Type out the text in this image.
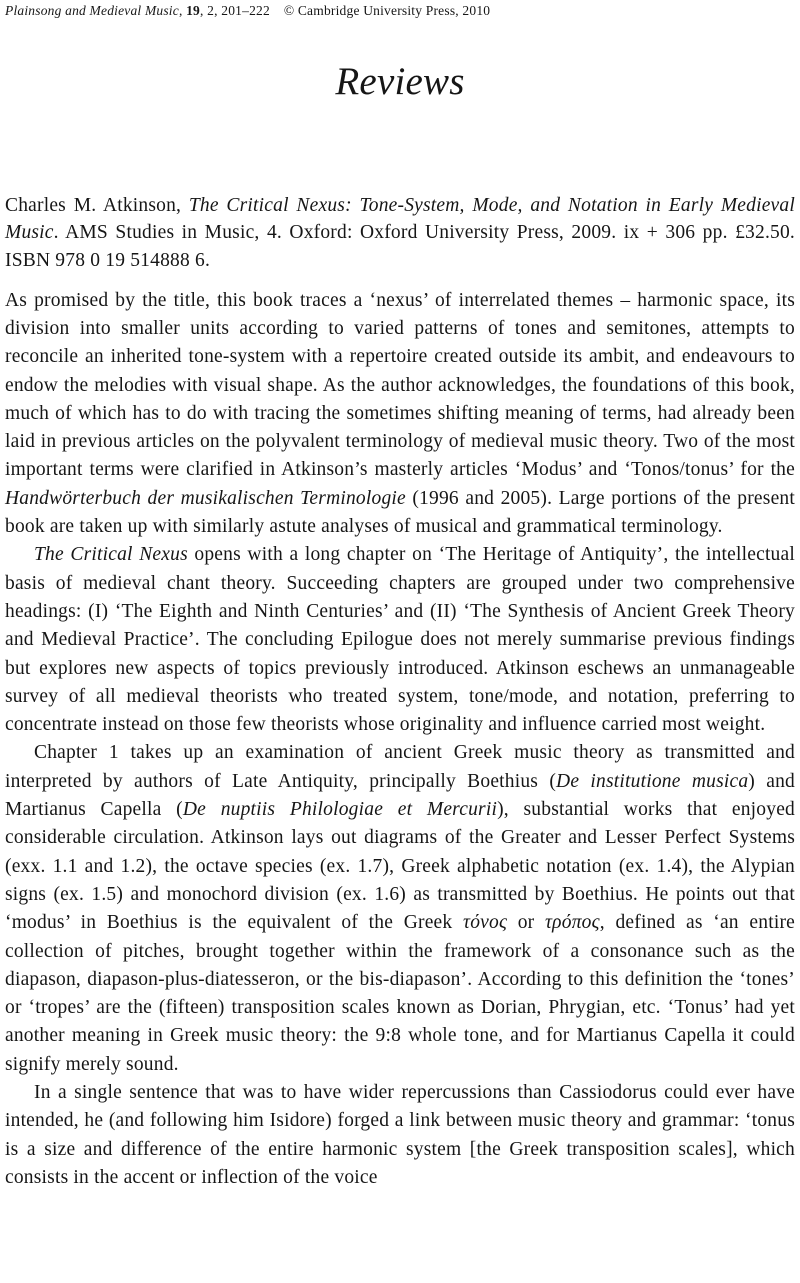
Plainsong and Medieval Music, 19, 2, 201–222  © Cambridge University Press, 2010
Reviews

Charles M. Atkinson, The Critical Nexus: Tone-System, Mode, and Notation in Early Medieval Music. AMS Studies in Music, 4. Oxford: Oxford University Press, 2009. ix + 306 pp. £32.50. ISBN 978 0 19 514888 6.

As promised by the title, this book traces a ‘nexus’ of interrelated themes – harmonic space, its division into smaller units according to varied patterns of tones and semitones, attempts to reconcile an inherited tone-system with a repertoire created outside its ambit, and endeavours to endow the melodies with visual shape. As the author acknowledges, the foundations of this book, much of which has to do with tracing the sometimes shifting meaning of terms, had already been laid in previous articles on the polyvalent terminology of medieval music theory. Two of the most important terms were clarified in Atkinson’s masterly articles ‘Modus’ and ‘Tonos/tonus’ for the Handwörterbuch der musikalischen Terminologie (1996 and 2005). Large portions of the present book are taken up with similarly astute analyses of musical and grammatical terminology.

The Critical Nexus opens with a long chapter on ‘The Heritage of Antiquity’, the intellectual basis of medieval chant theory. Succeeding chapters are grouped under two comprehensive headings: (I) ‘The Eighth and Ninth Centuries’ and (II) ‘The Synthesis of Ancient Greek Theory and Medieval Practice’. The concluding Epilogue does not merely summarise previous findings but explores new aspects of topics previously introduced. Atkinson eschews an unmanageable survey of all medieval theorists who treated system, tone/mode, and notation, preferring to concentrate instead on those few theorists whose originality and influence carried most weight.

Chapter 1 takes up an examination of ancient Greek music theory as transmitted and interpreted by authors of Late Antiquity, principally Boethius (De institutione musica) and Martianus Capella (De nuptiis Philologiae et Mercurii), substantial works that enjoyed considerable circulation. Atkinson lays out diagrams of the Greater and Lesser Perfect Systems (exx. 1.1 and 1.2), the octave species (ex. 1.7), Greek alphabetic notation (ex. 1.4), the Alypian signs (ex. 1.5) and monochord division (ex. 1.6) as transmitted by Boethius. He points out that ‘modus’ in Boethius is the equivalent of the Greek τόνος or τρόπος, defined as ‘an entire collection of pitches, brought together within the framework of a consonance such as the diapason, diapason-plus-diatesseron, or the bis-diapason’. According to this definition the ‘tones’ or ‘tropes’ are the (fifteen) transposition scales known as Dorian, Phrygian, etc. ‘Tonus’ had yet another meaning in Greek music theory: the 9:8 whole tone, and for Martianus Capella it could signify merely sound.

In a single sentence that was to have wider repercussions than Cassiodorus could ever have intended, he (and following him Isidore) forged a link between music theory and grammar: ‘tonus is a size and difference of the entire harmonic system [the Greek transposition scales], which consists in the accent or inflection of the voice
